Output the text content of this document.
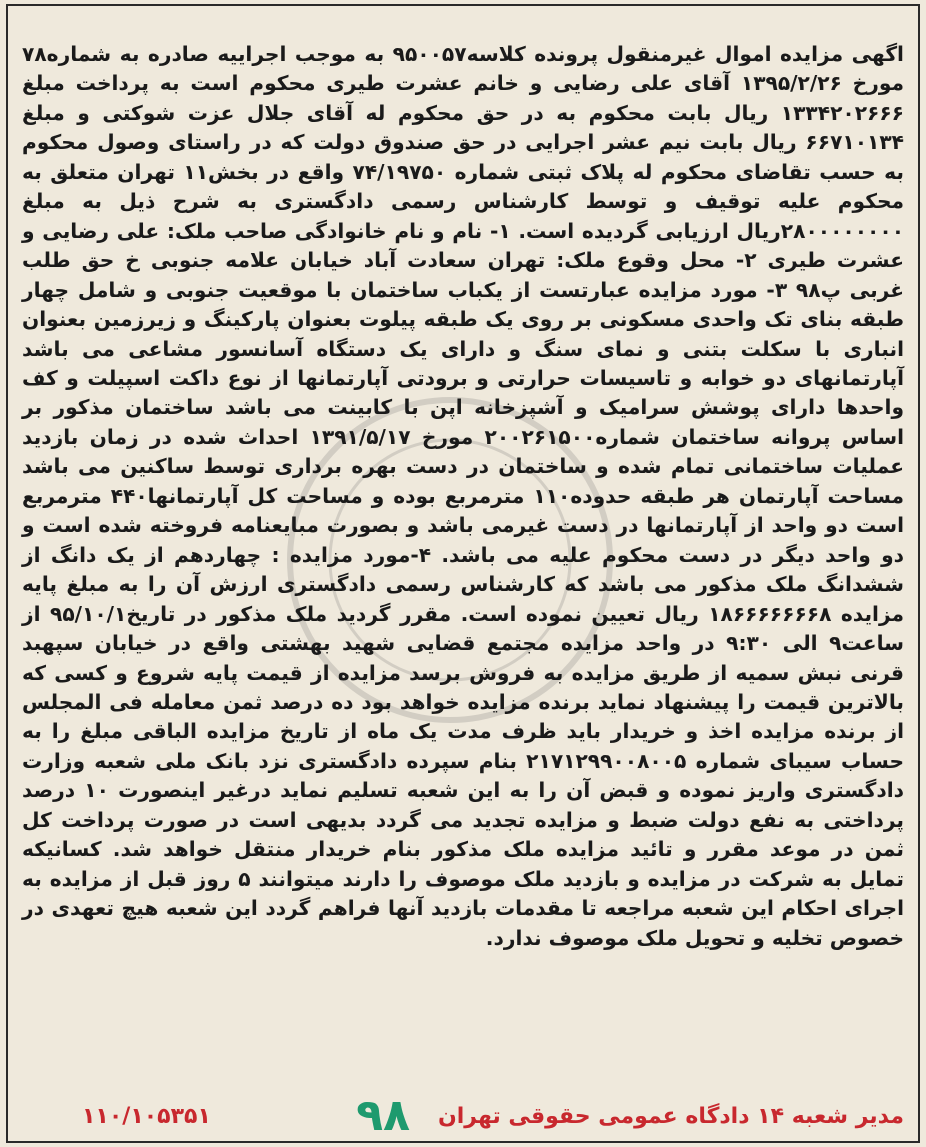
اگهی مزایده اموال غیرمنقول پرونده کلاسه۹۵۰۰۵۷ به موجب اجراییه صادره به شماره۷۸ مورخ ۱۳۹۵/۲/۲۶ آقای علی رضایی و خانم عشرت طیری محکوم است به پرداخت مبلغ ۱۳۳۴۲۰۲۶۶۶ ریال بابت محکوم به در حق محکوم له آقای جلال عزت شوکتی و مبلغ ۶۶۷۱۰۱۳۴ ریال بابت نیم عشر اجرایی در حق صندوق دولت که در راستای وصول محکوم به حسب تقاضای محکوم له پلاک ثبتی شماره ۷۴/۱۹۷۵۰ واقع در بخش۱۱ تهران متعلق به محکوم علیه توقیف و توسط کارشناس رسمی دادگستری به شرح ذیل به مبلغ ۲۸۰۰۰۰۰۰۰۰ریال ارزیابی گردیده است. ۱- نام و نام خانوادگی صاحب ملک: علی رضایی و عشرت طیری ۲- محل وقوع ملک: تهران سعادت آباد خیابان علامه جنوبی خ حق طلب غربی پ۹۸ ۳- مورد مزایده عبارتست از یکباب ساختمان با موقعیت جنوبی و شامل چهار طبقه بنای تک واحدی مسکونی بر روی یک طبقه پیلوت بعنوان پارکینگ و زیرزمین بعنوان انباری با سکلت بتنی و نمای سنگ و دارای یک دستگاه آسانسور مشاعی می باشد آپارتمانهای دو خوابه و تاسیسات حرارتی و برودتی آپارتمانها از نوع داکت اسپیلت و کف واحدها دارای پوشش سرامیک و آشپزخانه اپن با کابینت می باشد ساختمان مذکور بر اساس پروانه ساختمان شماره۲۰۰۲۶۱۵۰۰ مورخ ۱۳۹۱/۵/۱۷ احداث شده در زمان بازدید عملیات ساختمانی تمام شده و ساختمان در دست بهره برداری توسط ساکنین می باشد مساحت آپارتمان هر طبقه حدوده۱۱۰ مترمربع بوده و مساحت کل آپارتمانها۴۴۰ مترمربع است دو واحد از آپارتمانها در دست غیرمی باشد و بصورت مبایعنامه فروخته شده است و دو واحد دیگر در دست محکوم علیه می باشد. ۴-مورد مزایده : چهاردهم از یک دانگ از ششدانگ ملک مذکور می باشد که کارشناس رسمی دادگستری ارزش آن را به مبلغ پایه مزایده ۱۸۶۶۶۶۶۶۶۸ ریال تعیین نموده است. مقرر گردید ملک مذکور در تاریخ۹۵/۱۰/۱ از ساعت۹ الی ۹:۳۰ در واحد مزایده مجتمع قضایی شهید بهشتی واقع در خیابان سپهبد قرنی نبش سمیه از طریق مزایده به فروش برسد مزایده از قیمت پایه شروع و کسی که بالاترین قیمت را پیشنهاد نماید برنده مزایده خواهد بود ده درصد ثمن معامله فی المجلس از برنده مزایده اخذ و خریدار باید ظرف مدت یک ماه از تاریخ مزایده الباقی مبلغ را به حساب سیبای شماره ۲۱۷۱۲۹۹۰۰۸۰۰۵ بنام سپرده دادگستری نزد بانک ملی شعبه وزارت دادگستری واریز نموده و قبض آن را به این شعبه تسلیم نماید درغیر اینصورت ۱۰ درصد پرداختی به نفع دولت ضبط و مزایده تجدید می گردد بدیهی است در صورت پرداخت کل ثمن در موعد مقرر و تائید مزایده ملک مذکور بنام خریدار منتقل خواهد شد. کسانیکه تمایل به شرکت در مزایده و بازدید ملک موصوف را دارند میتوانند ۵ روز قبل از مزایده به اجرای احکام این شعبه مراجعه تا مقدمات بازدید آنها فراهم گردد این شعبه هیچ تعهدی در خصوص تخلیه و تحویل ملک موصوف ندارد.

مدیر شعبه ۱۴ دادگاه عمومی حقوقی تهران
۹۸
۱۱۰/۱۰۵۳۵۱
